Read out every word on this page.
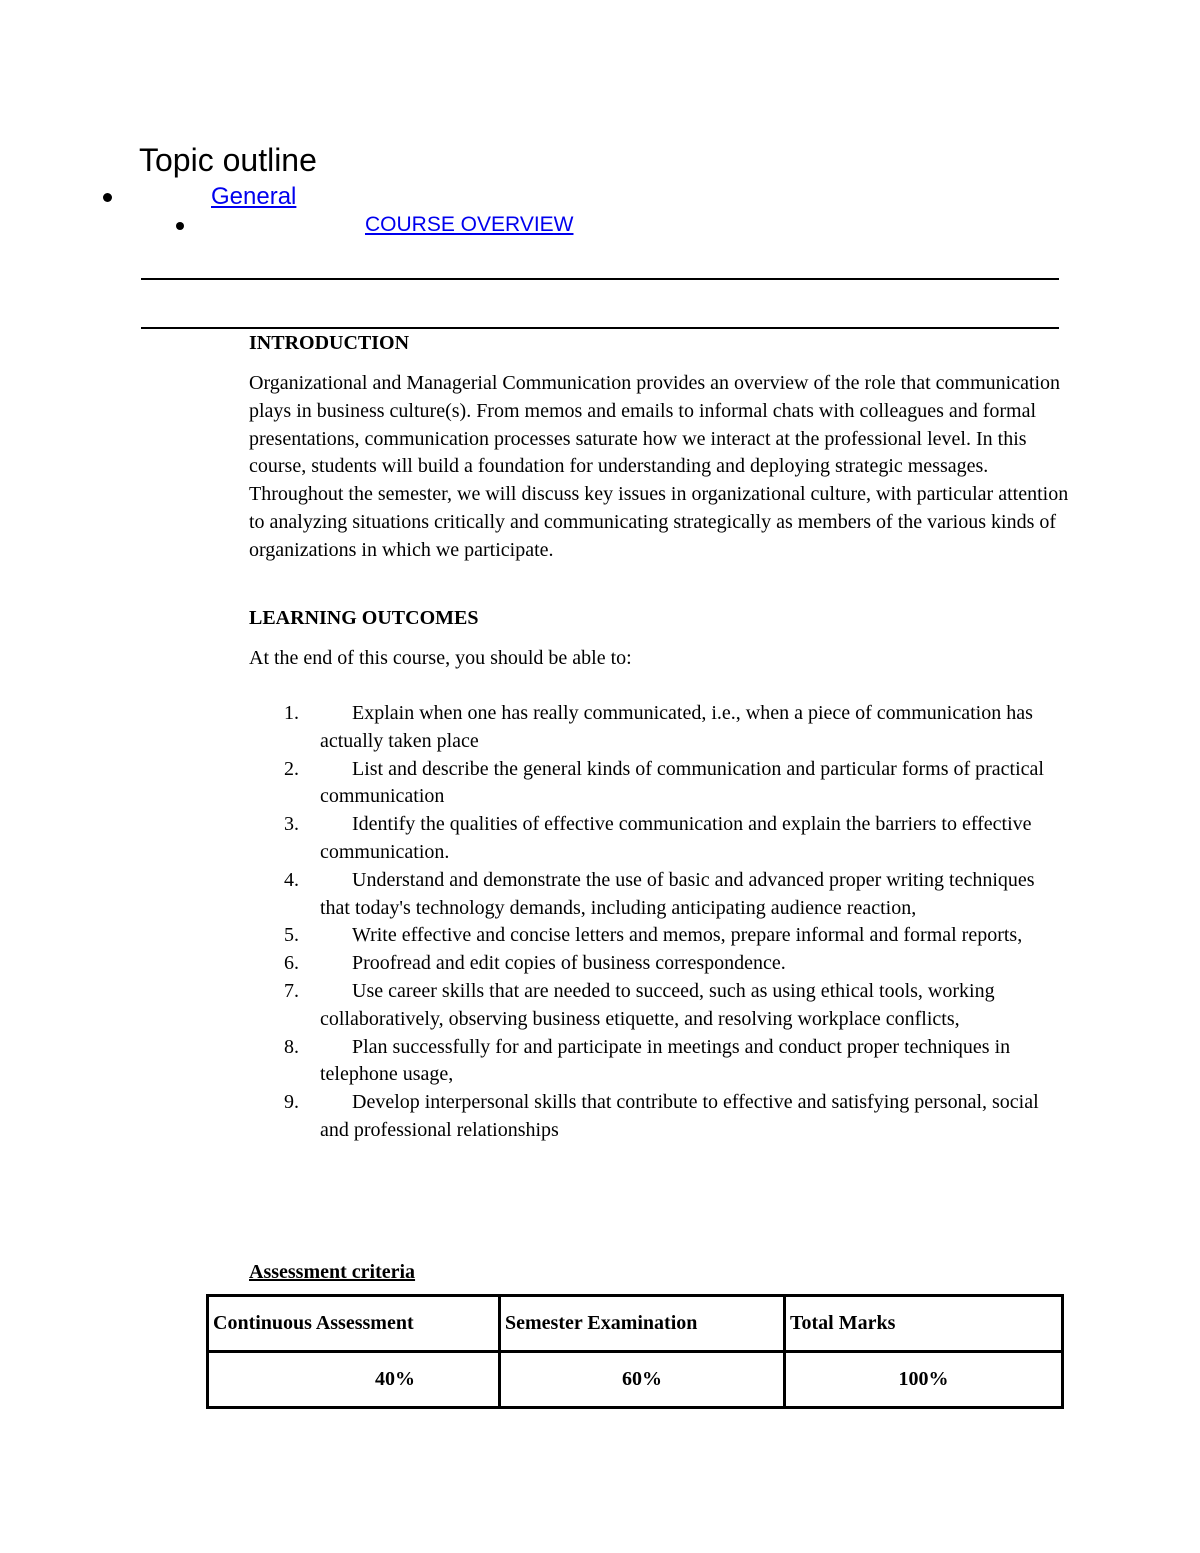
Topic outline
General
COURSE OVERVIEW
INTRODUCTION
Organizational and Managerial Communication provides an overview of the role that communication plays in business culture(s). From memos and emails to informal chats with colleagues and formal presentations, communication processes saturate how we interact at the professional level. In this course, students will build a foundation for understanding and deploying strategic messages. Throughout the semester, we will discuss key issues in organizational culture, with particular attention to analyzing situations critically and communicating strategically as members of the various kinds of organizations in which we participate.
LEARNING OUTCOMES
At the end of this course, you should be able to:
1.	Explain when one has really communicated, i.e., when a piece of communication has actually taken place
2.	List and describe the general kinds of communication and particular forms of practical communication
3.	Identify the qualities of effective communication and explain the barriers to effective communication.
4.	Understand and demonstrate the use of basic and advanced proper writing techniques that today's technology demands, including anticipating audience reaction,
5.	Write effective and concise letters and memos, prepare informal and formal reports,
6.	Proofread and edit copies of business correspondence.
7.	Use career skills that are needed to succeed, such as using ethical tools, working collaboratively, observing business etiquette, and resolving workplace conflicts,
8.	Plan successfully for and participate in meetings and conduct proper techniques in telephone usage,
9.	Develop interpersonal skills that contribute to effective and satisfying personal, social and professional relationships
Assessment criteria
Continuous Assessment	Semester Examination	Total Marks
40%	60%	100%
